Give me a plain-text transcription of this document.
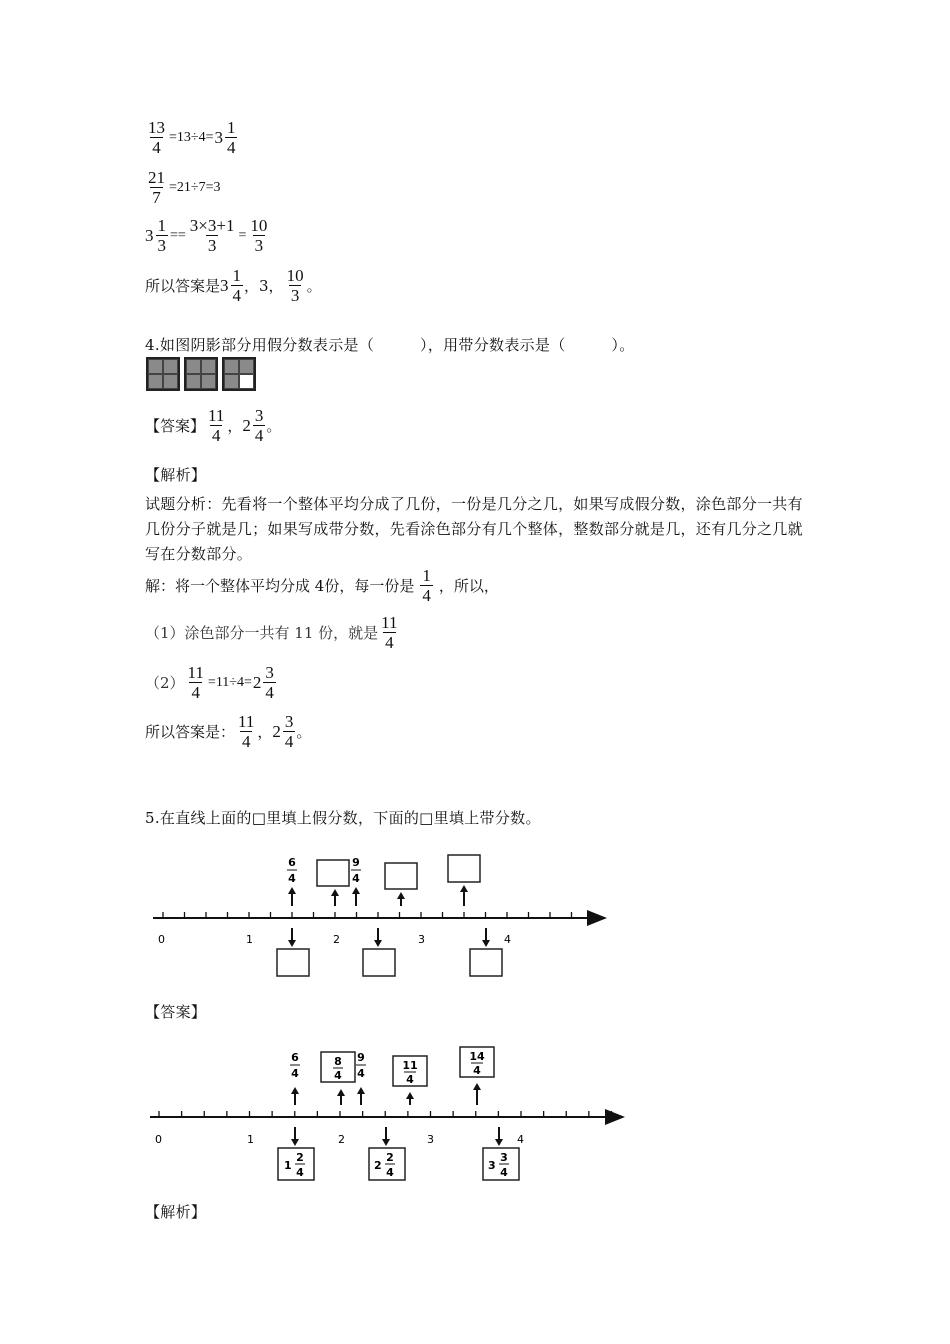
$\frac{13}{4} =13\div 4= 3 \frac{1}{4}$
$\frac{21}{7} =21\div 7=3$
$3 \frac{1}{3} == \frac{3\times 3+1}{3} = \frac{10}{3}$
所以答案是 $3 \frac{1}{4}$ ，3， $\frac{10}{3}$ 。
4.如图阴影部分用假分数表示是（　　　），用带分数表示是（　　　）。
【答案】 $\frac{11}{4}$ ， $2 \frac{3}{4}$ 。
【解析】
试题分析：先看将一个整体平均分成了几份，一份是几分之几，如果写成假分数，涂色部分一共有几份分子就是几；如果写成带分数，先看涂色部分有几个整体，整数部分就是几，还有几分之几就写在分数部分。
解：将一个整体平均分成 4份，每一份是 $\frac{1}{4}$ ，所以，
（1）涂色部分一共有 11 份，就是 $\frac{11}{4}$
$(2) \frac{11}{4} =11\div 4= 2 \frac{3}{4}$
所以答案是： $\frac{11}{4}$ ， $2 \frac{3}{4}$ 。
5.在直线上面的□里填上假分数，下面的□里填上带分数。
0	1	2	3	4
6
4
9
4
【答案】
0	1	2	3	4
6
4
8
4
9
4
11
4
14
4
1
2
4
2
2
4
3
3
4
【解析】
